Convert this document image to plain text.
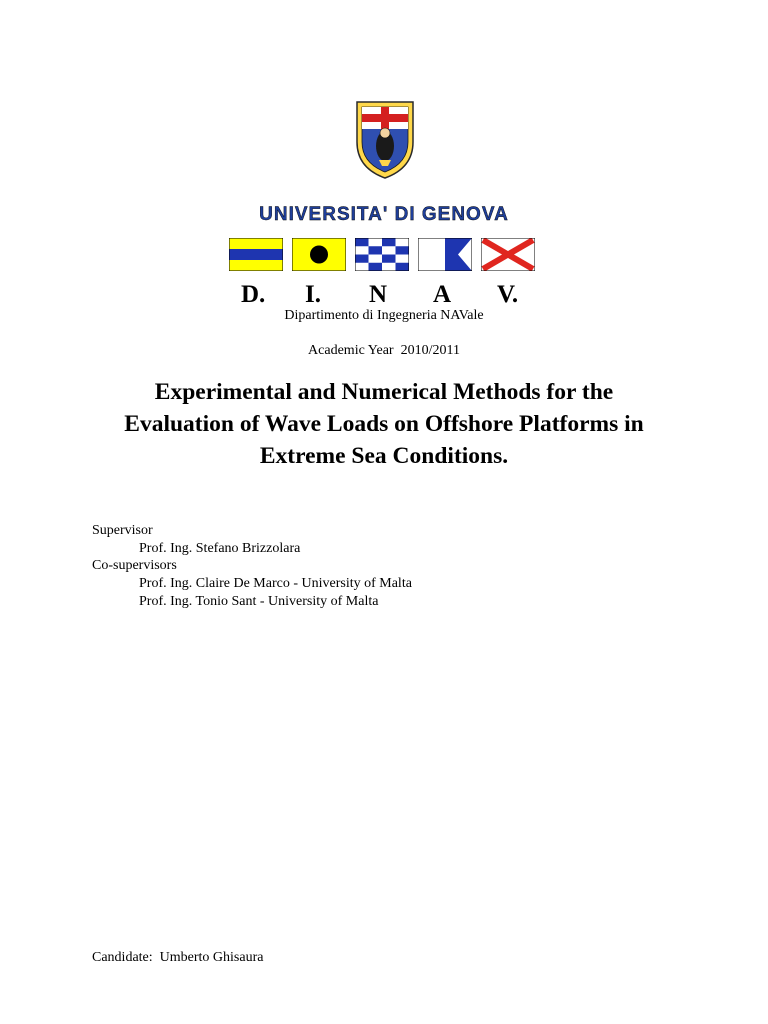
UNIVERSITA' DI GENOVA
D. I. N A V.
Dipartimento di Ingegneria NAVale
Academic Year  2010/2011
Experimental and Numerical Methods for the
Evaluation of Wave Loads on Offshore Platforms in
Extreme Sea Conditions.
Supervisor
Prof. Ing. Stefano Brizzolara
Co-supervisors
Prof. Ing. Claire De Marco - University of Malta
Prof. Ing. Tonio Sant - University of Malta
Candidate:  Umberto Ghisaura
